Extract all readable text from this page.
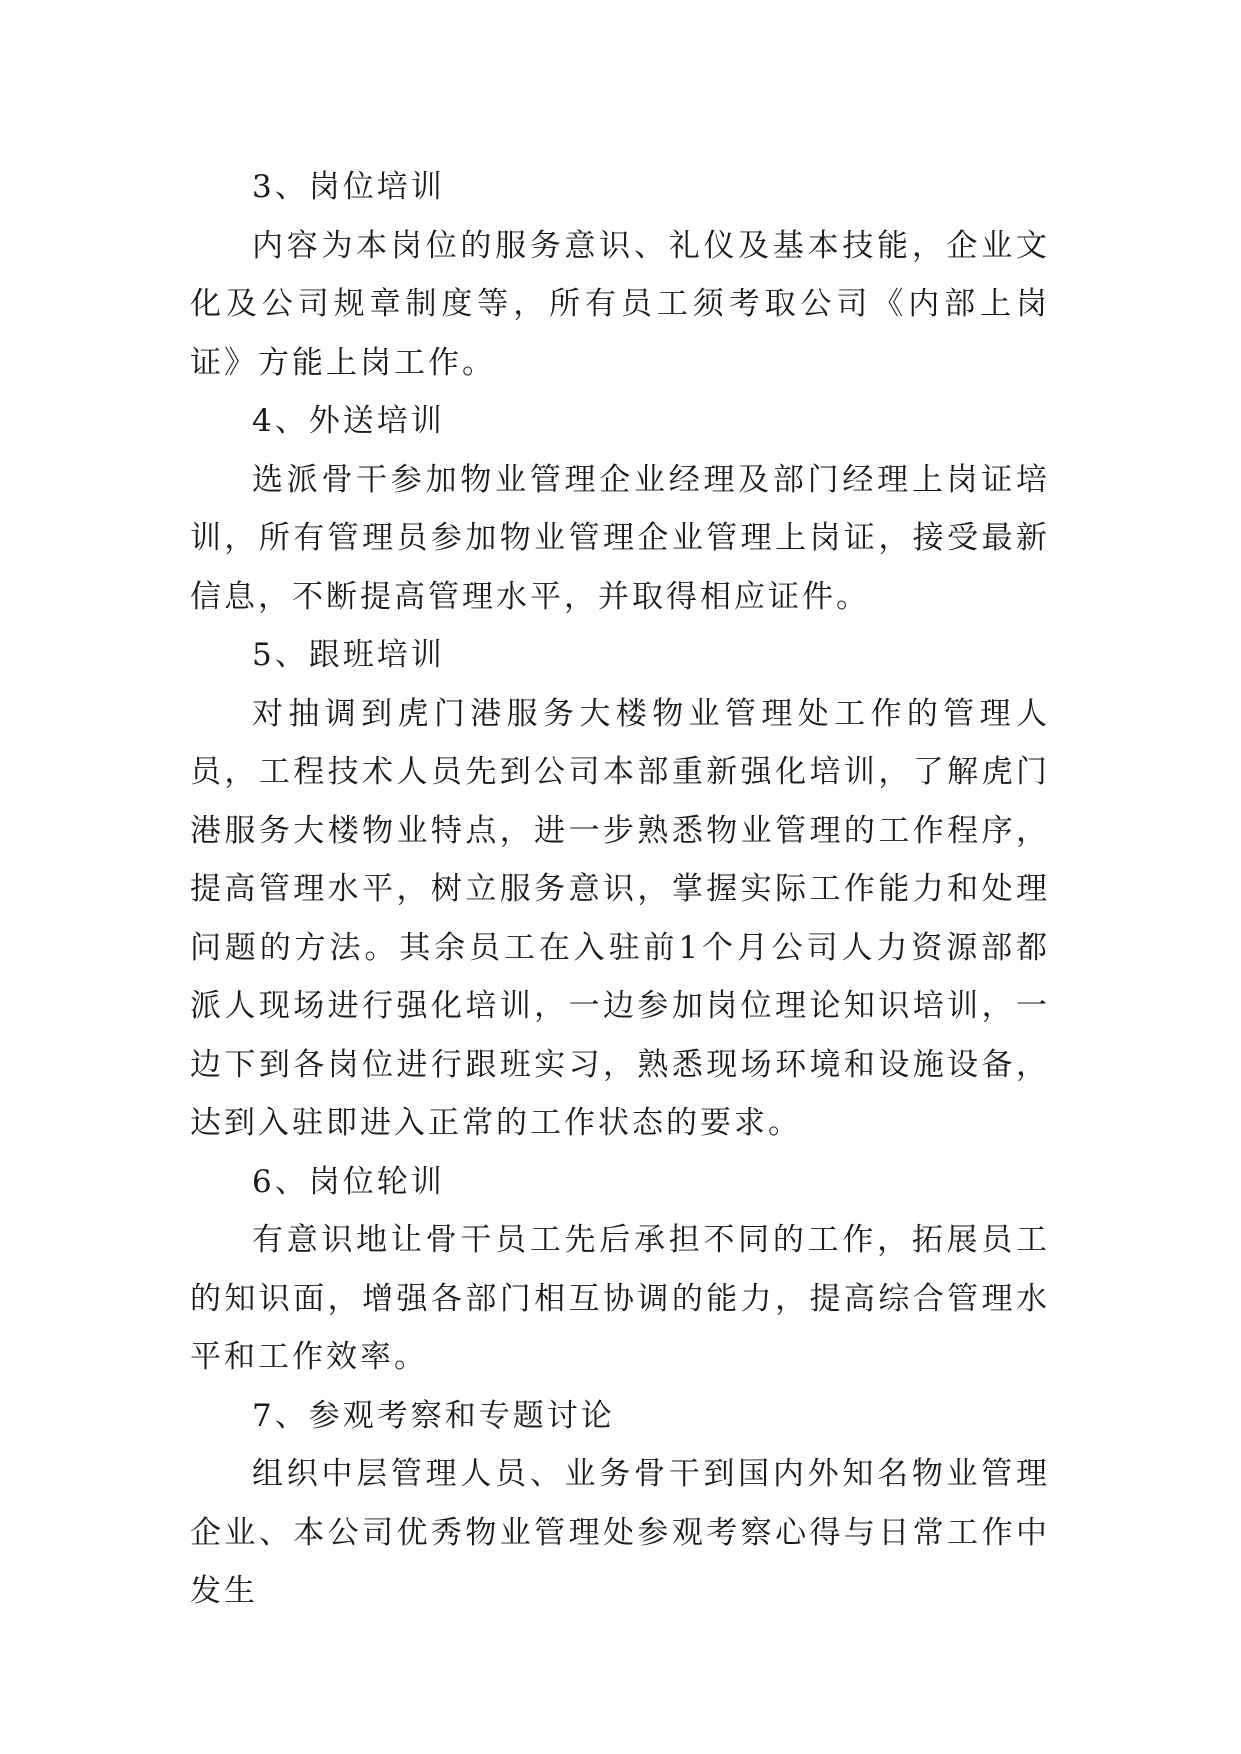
3、岗位培训

内容为本岗位的服务意识、礼仪及基本技能，企业文化及公司规章制度等，所有员工须考取公司《内部上岗证》方能上岗工作。

4、外送培训

选派骨干参加物业管理企业经理及部门经理上岗证培训，所有管理员参加物业管理企业管理上岗证，接受最新信息，不断提高管理水平，并取得相应证件。

5、跟班培训

对抽调到虎门港服务大楼物业管理处工作的管理人员，工程技术人员先到公司本部重新强化培训，了解虎门港服务大楼物业特点，进一步熟悉物业管理的工作程序，提高管理水平，树立服务意识，掌握实际工作能力和处理问题的方法。其余员工在入驻前1个月公司人力资源部都派人现场进行强化培训，一边参加岗位理论知识培训，一边下到各岗位进行跟班实习，熟悉现场环境和设施设备，达到入驻即进入正常的工作状态的要求。

6、岗位轮训

有意识地让骨干员工先后承担不同的工作，拓展员工的知识面，增强各部门相互协调的能力，提高综合管理水平和工作效率。

7、参观考察和专题讨论

组织中层管理人员、业务骨干到国内外知名物业管理企业、本公司优秀物业管理处参观考察心得与日常工作中发生
